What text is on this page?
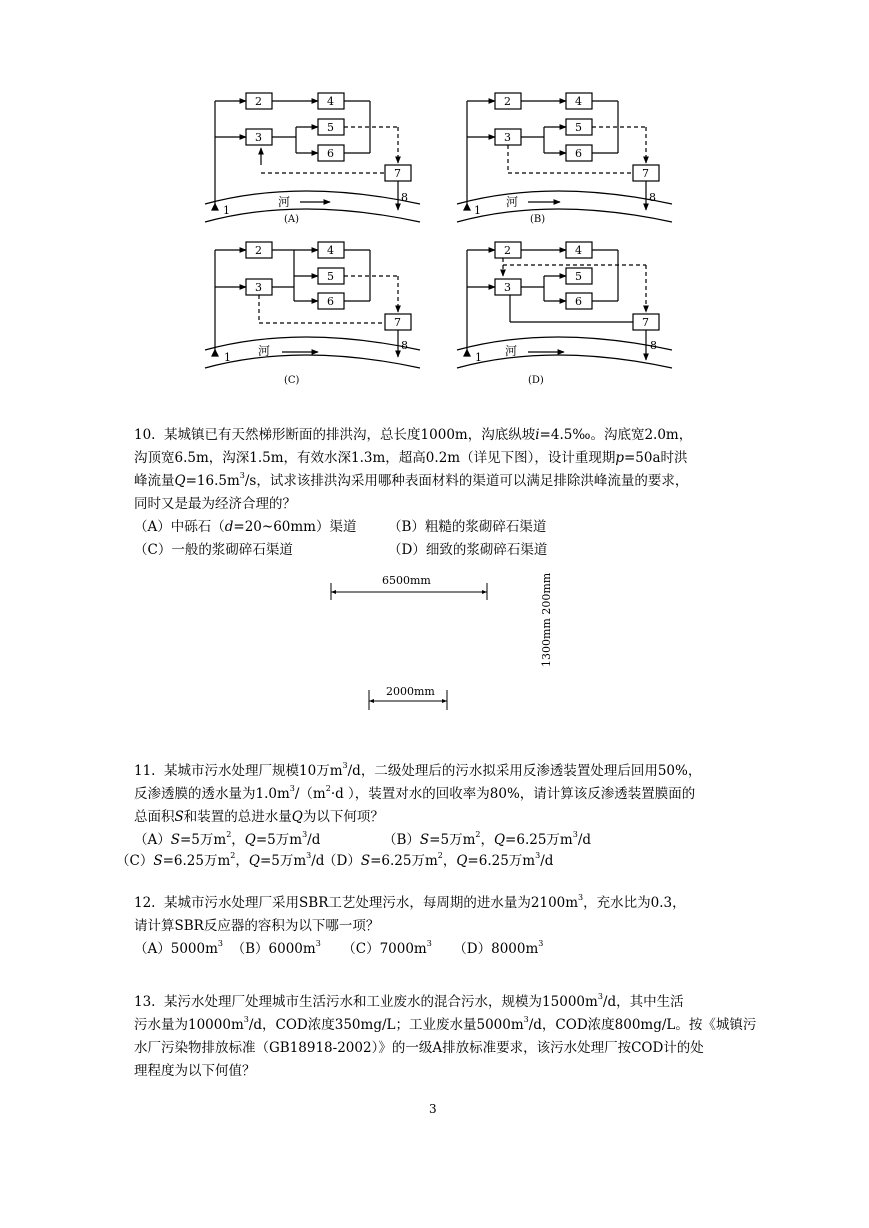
2	4
3
5
6
7
8
1
河
(A)
2	4
3
5
6
7
8
1
河
(B)
2	4
3
5
6
7
8
1 河
(C)
2	4
3
5
6
7
8
1 河
(D)
10.  某城镇已有天然梯形断面的排洪沟，总长度1000m，沟底纵坡i=4.5‰。沟底宽2.0m，
沟顶宽6.5m，沟深1.5m，有效水深1.3m，超高0.2m（详见下图），设计重现期p=50a时洪
峰流量$Q=16.5m^3/s$，试求该排洪沟采用哪种表面材料的渠道可以满足排除洪峰流量的要求，
同时又是最为经济合理的？
（A）中砾石（d=20~60mm）渠道 （B）粗糙的浆砌碎石渠道
（C）一般的浆砌碎石渠道	（D）细致的浆砌碎石渠道
6500mm
2000mm
1300mm 200mm
11.  某城市污水处理厂规模10万$m^3/d$，二级处理后的污水拟采用反渗透装置处理后回用50%，
反渗透膜的透水量为$1.0m^3/(m^2\cdot d$ ），装置对水的回收率为80%，请计算该反渗透装置膜面的
总面积S和装置的总进水量Q为以下何项？
（A）S=5万$m^2$，Q=5万$m^3/d$	（B）S=5万$m^2$，Q=6.25万$m^3/d$
（C）S=6.25万$m^2$，Q=5万$m^3/d$
（D）S=6.25万$m^2$，Q=6.25万$m^3/d$
12.  某城市污水处理厂采用SBR工艺处理污水，每周期的进水量为$2100m^3$，充水比为0.3，
请计算SBR反应器的容积为以下哪一项？
$(A)5000m^3$  $(B)6000m^3$     $(C)7000m^3$     $(D)8000m^3$
13.  某污水处理厂处理城市生活污水和工业废水的混合污水，规模为$15000m^3/d$，其中生活
污水量为$10000m^3/d$，COD浓度350mg/L；工业废水量$5000m^3/d$，COD浓度800mg/L。按《城镇污
水厂污染物排放标准（GB18918-2002）》的一级A排放标准要求，该污水处理厂按COD计的处
理程度为以下何值？
3
